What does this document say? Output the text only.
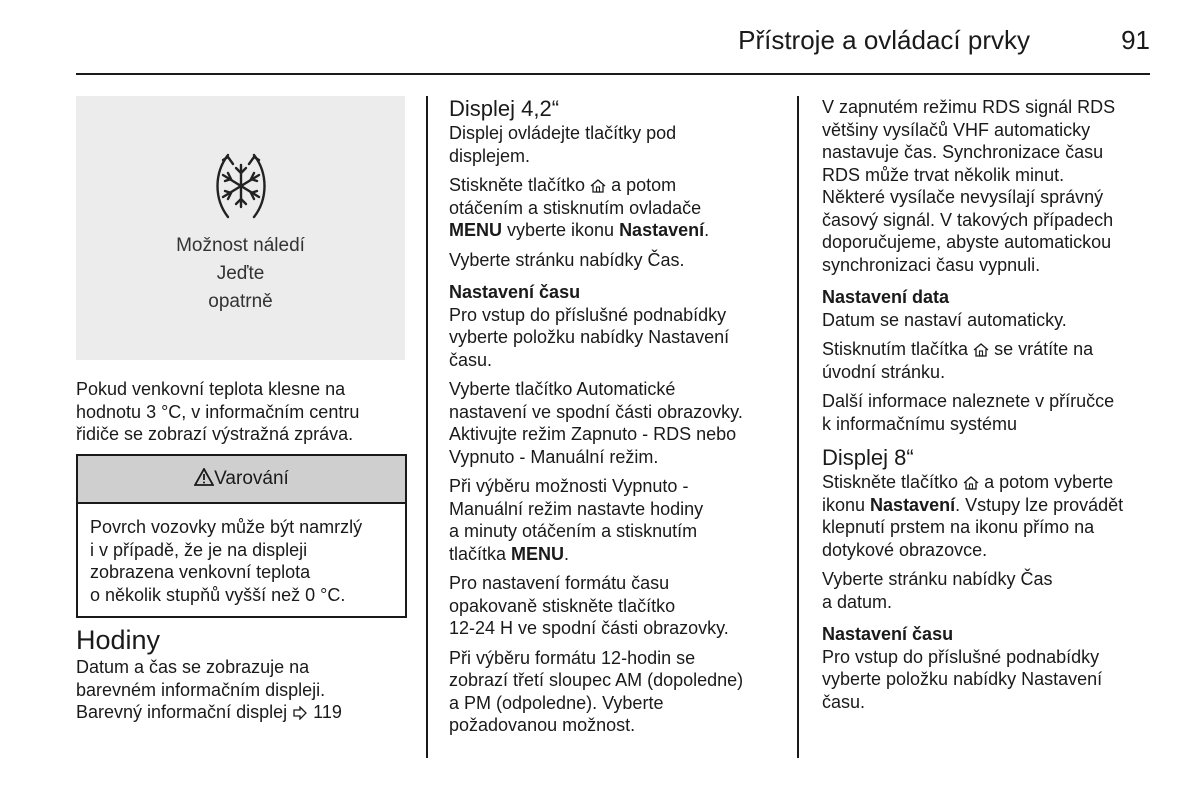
Přístroje a ovládací prvky	91
Možnost náledí
Jeďte
opatrně
Pokud venkovní teplota klesne na
hodnotu 3 °C, v informačním centru
řidiče se zobrazí výstražná zpráva.
Varování
Povrch vozovky může být namrzlý
i v případě, že je na displeji
zobrazena venkovní teplota
o několik stupňů vyšší než 0 °C.
Hodiny
Datum a čas se zobrazuje na
barevném informačním displeji.
Barevný informační displej 119
Displej 4,2“

Displej ovládejte tlačítky pod
displejem.

Stiskněte tlačítko a potom
otáčením a stisknutím ovladače
MENU vyberte ikonu Nastavení.

Vyberte stránku nabídky Čas.

Nastavení času

Pro vstup do příslušné podnabídky
vyberte položku nabídky Nastavení
času.

Vyberte tlačítko Automatické
nastavení ve spodní části obrazovky.
Aktivujte režim Zapnuto - RDS nebo
Vypnuto - Manuální režim.

Při výběru možnosti Vypnuto -
Manuální režim nastavte hodiny
a minuty otáčením a stisknutím
tlačítka MENU.

Pro nastavení formátu času
opakovaně stiskněte tlačítko
12-24 H ve spodní části obrazovky.

Při výběru formátu 12-hodin se
zobrazí třetí sloupec AM (dopoledne)
a PM (odpoledne). Vyberte
požadovanou možnost.

V zapnutém režimu RDS signál RDS
většiny vysílačů VHF automaticky
nastavuje čas. Synchronizace času
RDS může trvat několik minut.
Některé vysílače nevysílají správný
časový signál. V takových případech
doporučujeme, abyste automatickou
synchronizaci času vypnuli.

Nastavení data

Datum se nastaví automaticky.

Stisknutím tlačítka se vrátíte na
úvodní stránku.

Další informace naleznete v příručce
k informačnímu systému

Displej 8“

Stiskněte tlačítko a potom vyberte
ikonu Nastavení. Vstupy lze provádět
klepnutí prstem na ikonu přímo na
dotykové obrazovce.

Vyberte stránku nabídky Čas
a datum.

Nastavení času

Pro vstup do příslušné podnabídky
vyberte položku nabídky Nastavení
času.
